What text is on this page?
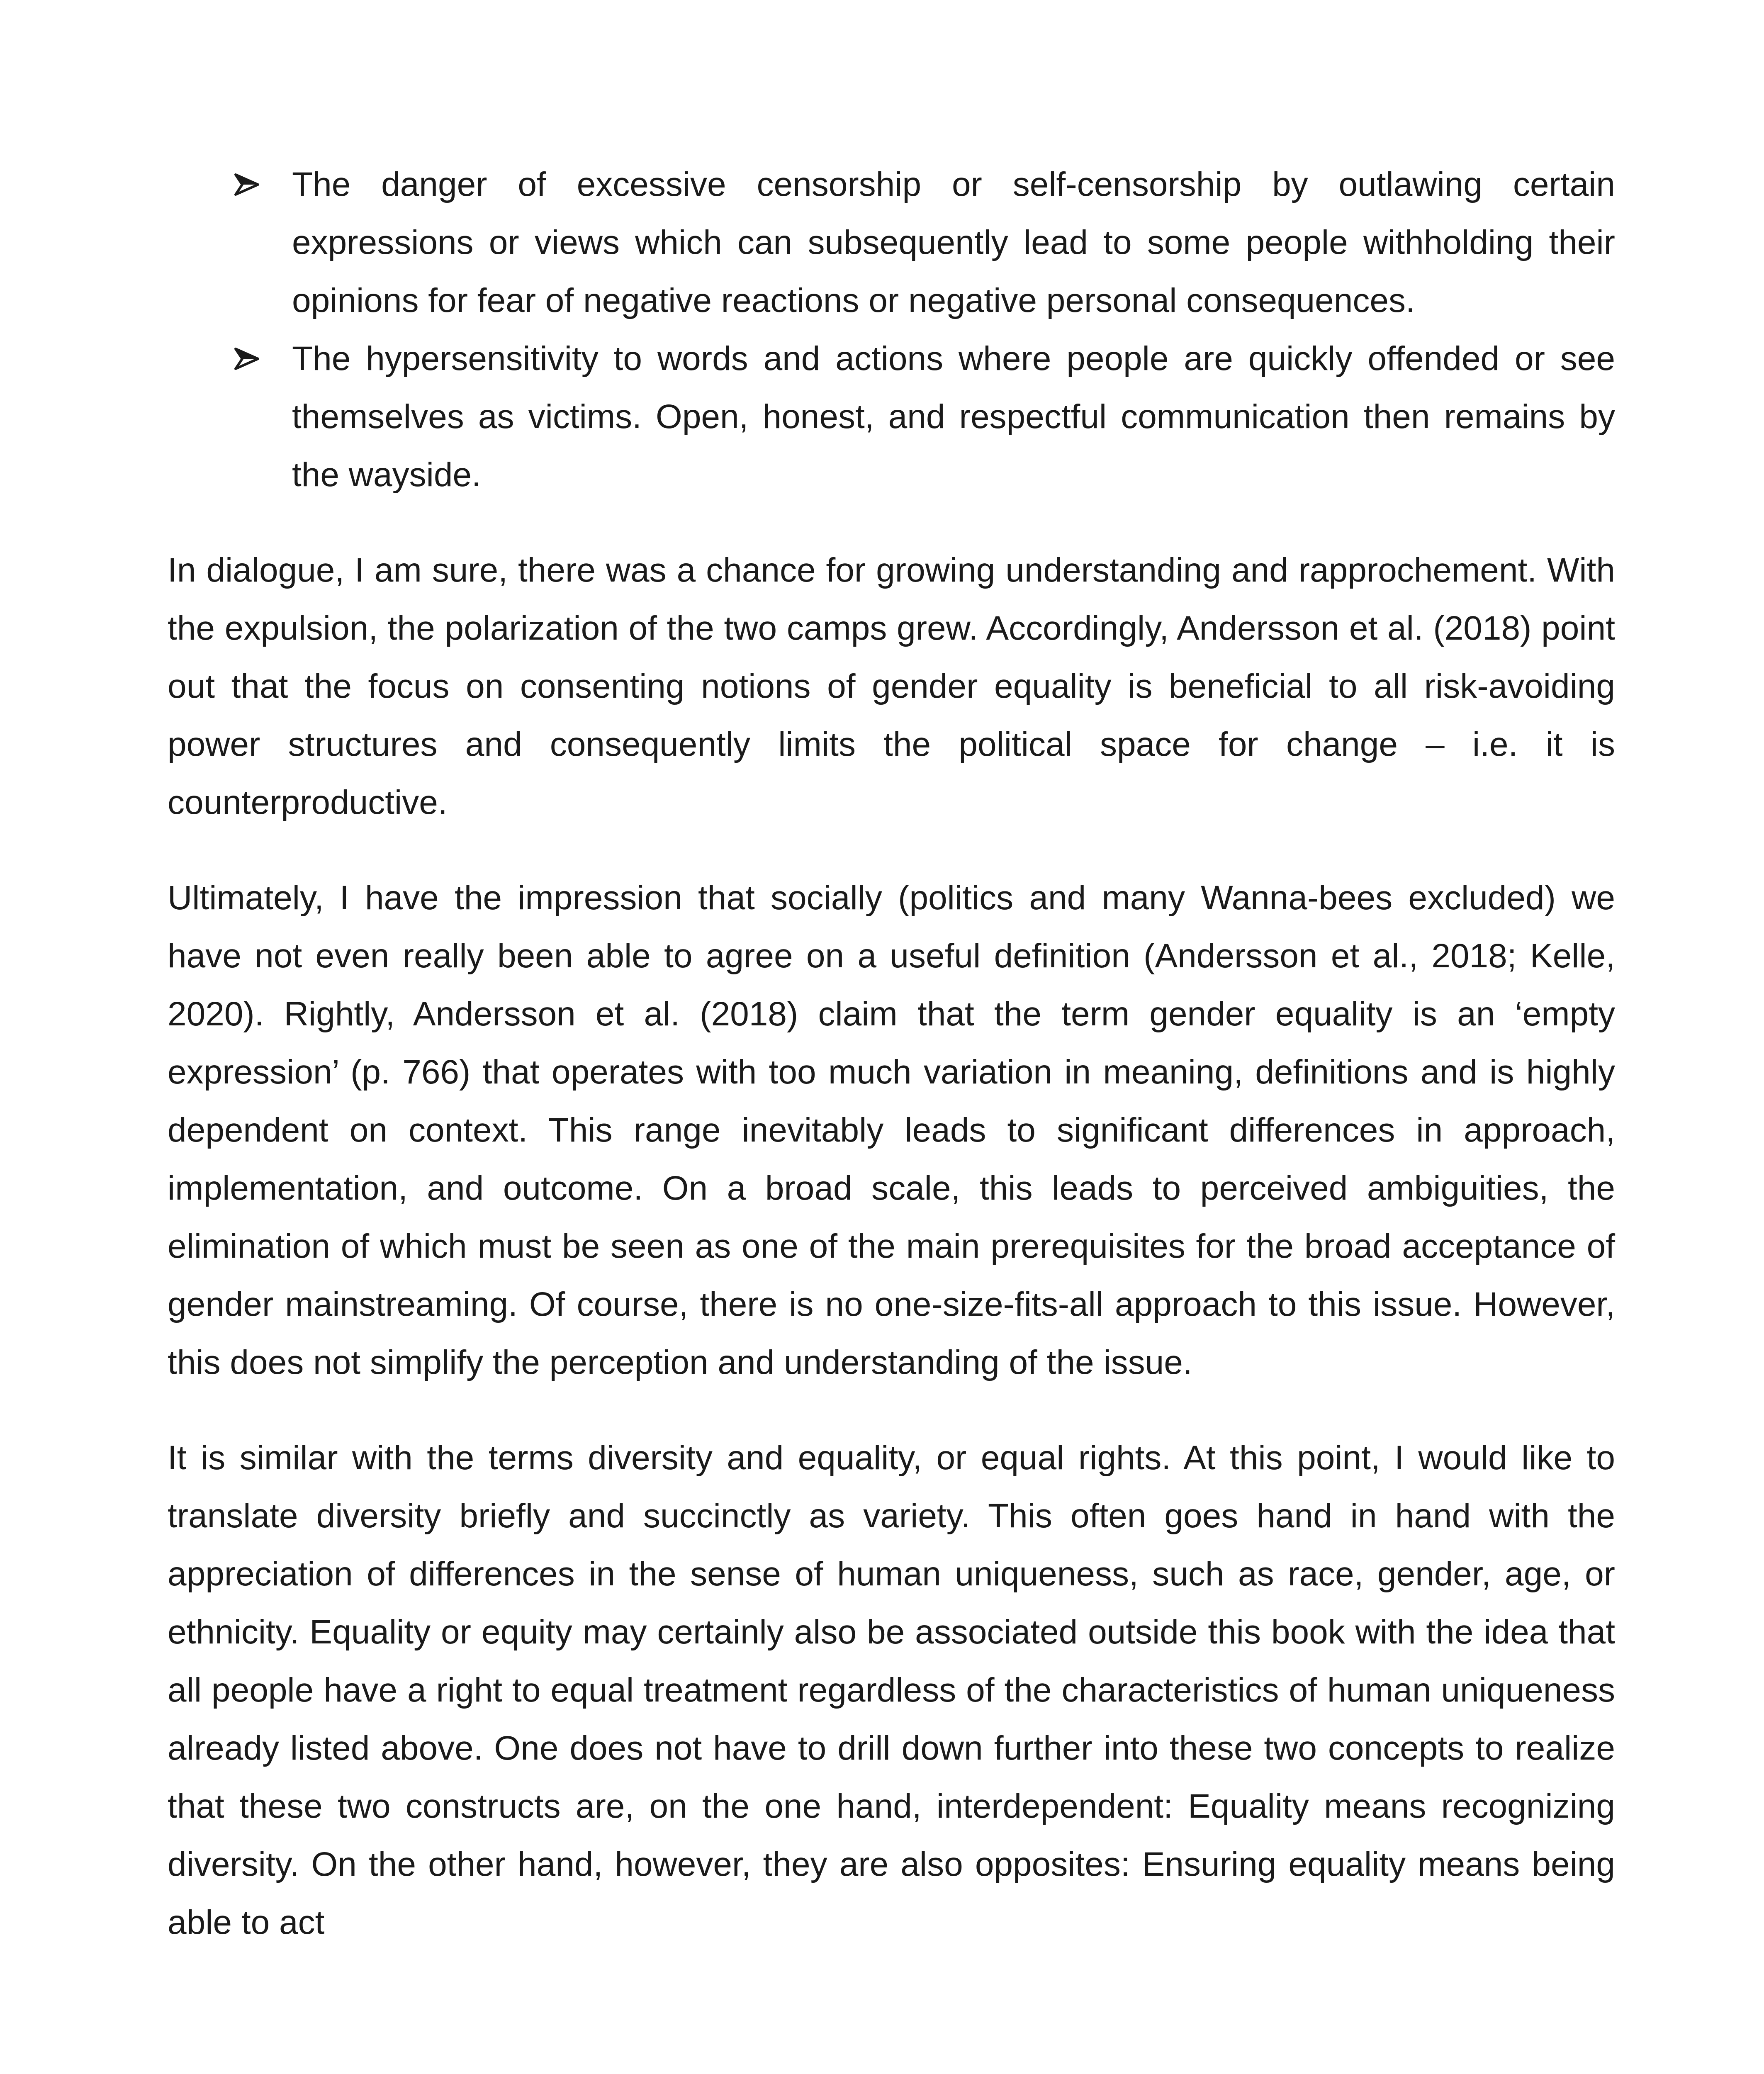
The danger of excessive censorship or self-censorship by outlawing certain expressions or views which can subsequently lead to some people withholding their opinions for fear of negative reactions or negative personal consequences.
The hypersensitivity to words and actions where people are quickly offended or see themselves as victims. Open, honest, and respectful communication then remains by the wayside.

In dialogue, I am sure, there was a chance for growing understanding and rapprochement. With the expulsion, the polarization of the two camps grew. Accordingly, Andersson et al. (2018) point out that the focus on consenting notions of gender equality is beneficial to all risk-avoiding power structures and consequently limits the political space for change – i.e. it is counterproductive.

Ultimately, I have the impression that socially (politics and many Wanna-bees excluded) we have not even really been able to agree on a useful definition (Andersson et al., 2018; Kelle, 2020). Rightly, Andersson et al. (2018) claim that the term gender equality is an ‘empty expression’ (p. 766) that operates with too much variation in meaning, definitions and is highly dependent on context. This range inevitably leads to significant differences in approach, implementation, and outcome. On a broad scale, this leads to perceived ambiguities, the elimination of which must be seen as one of the main prerequisites for the broad acceptance of gender mainstreaming. Of course, there is no one-size-fits-all approach to this issue. However, this does not simplify the perception and understanding of the issue.

It is similar with the terms diversity and equality, or equal rights. At this point, I would like to translate diversity briefly and succinctly as variety. This often goes hand in hand with the appreciation of differences in the sense of human uniqueness, such as race, gender, age, or ethnicity. Equality or equity may certainly also be associated outside this book with the idea that all people have a right to equal treatment regardless of the characteristics of human uniqueness already listed above. One does not have to drill down further into these two concepts to realize that these two constructs are, on the one hand, interdependent: Equality means recognizing diversity. On the other hand, however, they are also opposites: Ensuring equality means being able to act
